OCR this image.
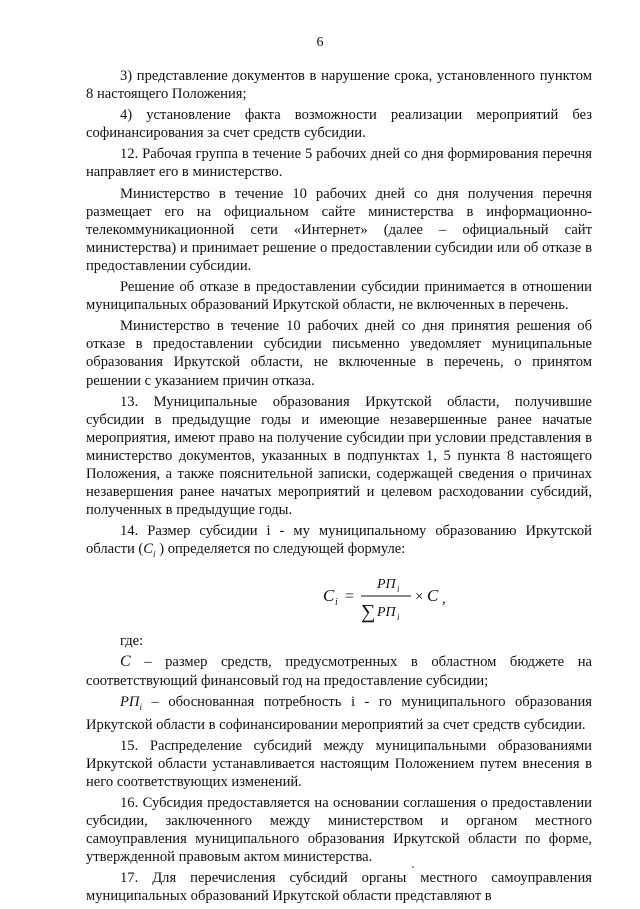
6

3) представление документов в нарушение срока, установленного пунктом 8 настоящего Положения;

4) установление факта возможности реализации мероприятий без софинансирования за счет средств субсидии.

12. Рабочая группа в течение 5 рабочих дней со дня формирования перечня направляет его в министерство.

Министерство в течение 10 рабочих дней со дня получения перечня размещает его на официальном сайте министерства в информационно-телекоммуникационной сети «Интернет» (далее – официальный сайт министерства) и принимает решение о предоставлении субсидии или об отказе в предоставлении субсидии.

Решение об отказе в предоставлении субсидии принимается в отношении муниципальных образований Иркутской области, не включенных в перечень.

Министерство в течение 10 рабочих дней со дня принятия решения об отказе в предоставлении субсидии письменно уведомляет муниципальные образования Иркутской области, не включенные в перечень, о принятом решении с указанием причин отказа.

13. Муниципальные образования Иркутской области, получившие субсидии в предыдущие годы и имеющие незавершенные ранее начатые мероприятия, имеют право на получение субсидии при условии представления в министерство документов, указанных в подпунктах 1, 5 пункта 8 настоящего Положения, а также пояснительной записки, содержащей сведения о причинах незавершения ранее начатых мероприятий и целевом расходовании субсидий, полученных в предыдущие годы.

14. Размер субсидии i - му муниципальному образованию Иркутской области ($C_i$ ) определяется по следующей формуле:

C i =
РП i
∑ РП i
× C ,

где:

C – размер средств, предусмотренных в областном бюджете на соответствующий финансовый год на предоставление субсидии;

$РП_i$ – обоснованная потребность i - го муниципального образования Иркутской области в софинансировании мероприятий за счет средств субсидии.

15. Распределение субсидий между муниципальными образованиями Иркутской области устанавливается настоящим Положением путем внесения в него соответствующих изменений.

16. Субсидия предоставляется на основании соглашения о предоставлении субсидии, заключенного между министерством и органом местного самоуправления муниципального образования Иркутской области по форме, утвержденной правовым актом министерства.

17. Для перечисления субсидий органы местного самоуправления муниципальных образований Иркутской области представляют в
